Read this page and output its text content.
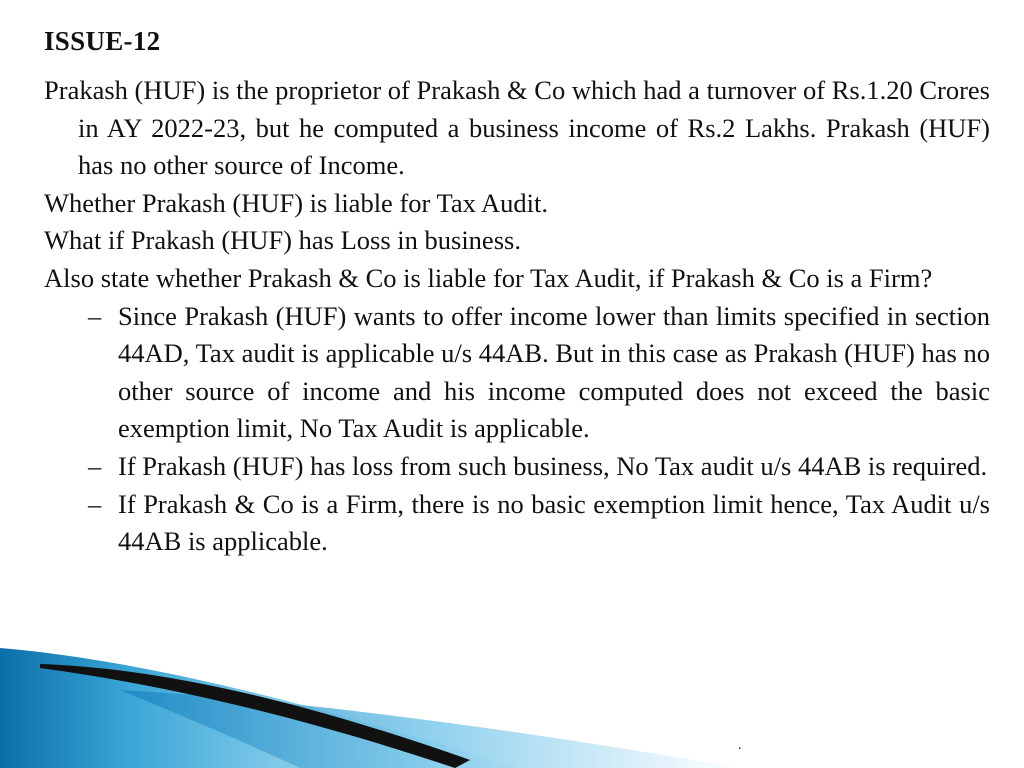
ISSUE-12

Prakash (HUF) is the proprietor of Prakash & Co which had a turnover of Rs.1.20 Crores in AY 2022-23, but he computed a business income of Rs.2 Lakhs. Prakash (HUF) has no other source of Income.

Whether Prakash (HUF) is liable for Tax Audit.

What if Prakash (HUF) has Loss in business.

Also state whether Prakash & Co is liable for Tax Audit, if Prakash & Co is a Firm?

– Since Prakash (HUF) wants to offer income lower than limits specified in section 44AD, Tax audit is applicable u/s 44AB. But in this case as Prakash (HUF) has no other source of income and his income computed does not exceed the basic exemption limit, No Tax Audit is applicable.

– If Prakash (HUF) has loss from such business, No Tax audit u/s 44AB is required.

– If Prakash & Co is a Firm, there is no basic exemption limit hence, Tax Audit u/s 44AB is applicable.

.
